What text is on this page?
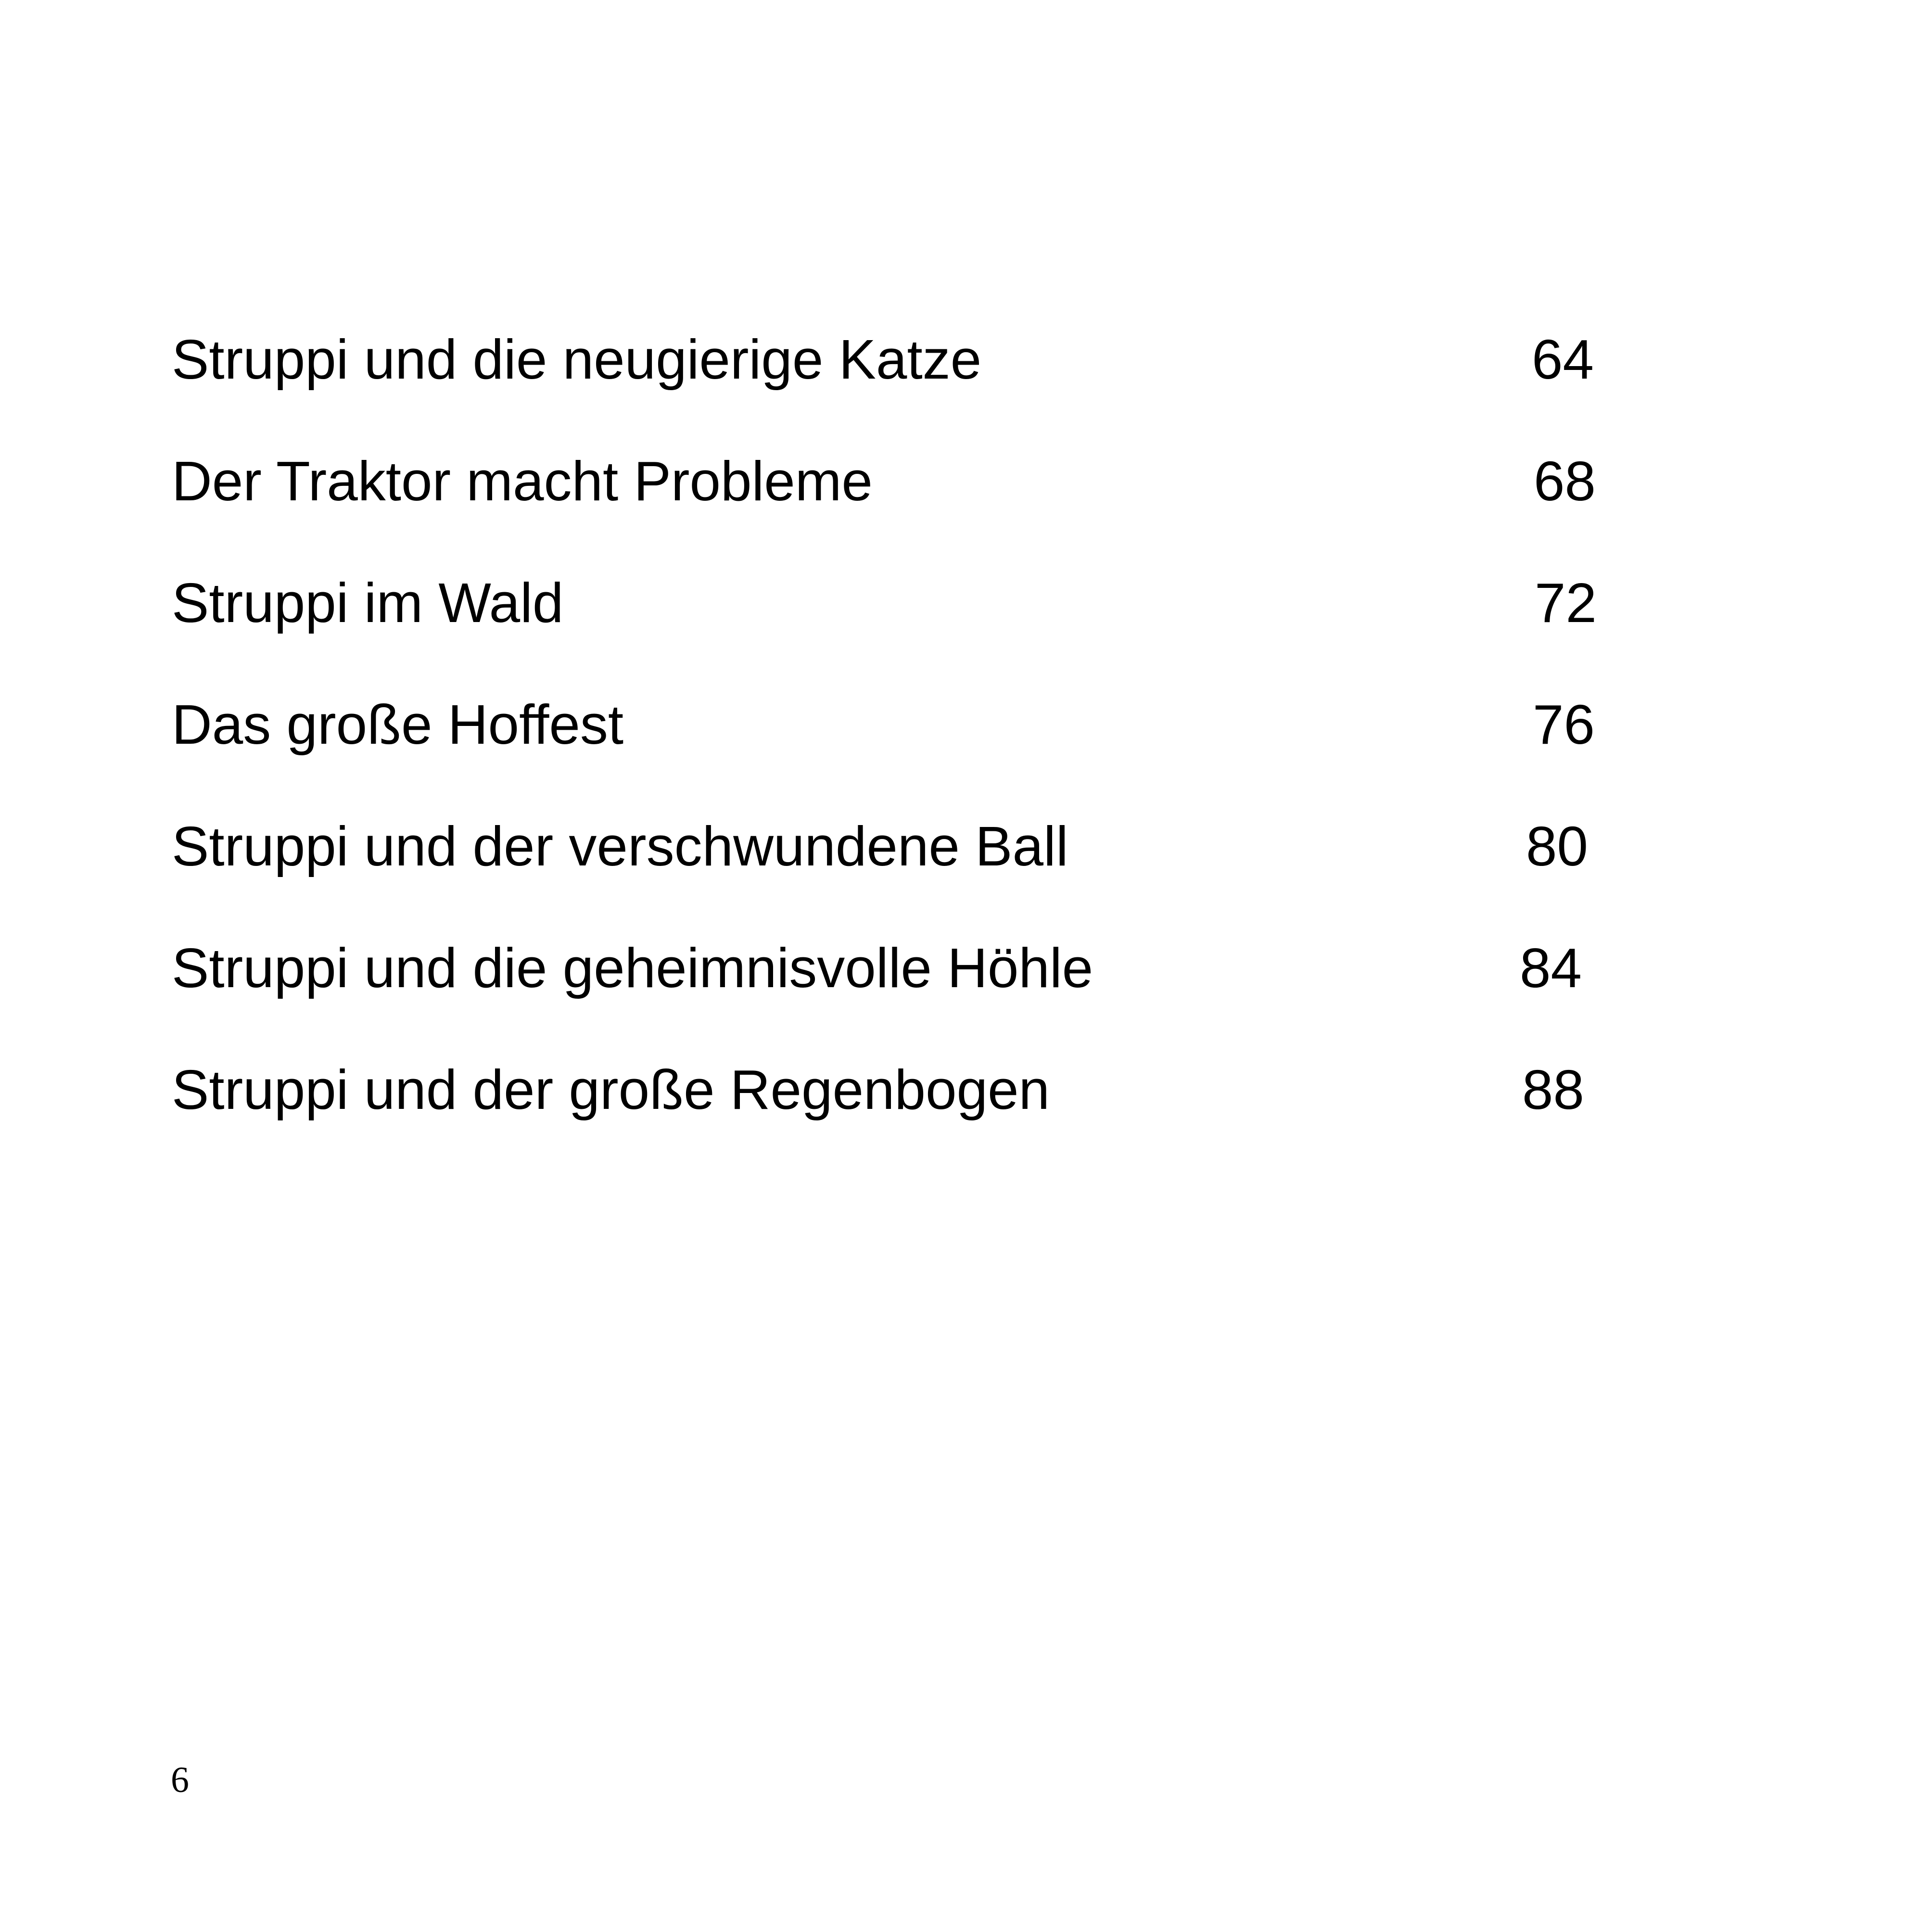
Struppi und die neugierige Katze	64
Der Traktor macht Probleme	68
Struppi im Wald	72
Das große Hoffest	76
Struppi und der verschwundene Ball	80
Struppi und die geheimnisvolle Höhle	84
Struppi und der große Regenbogen	88
6
